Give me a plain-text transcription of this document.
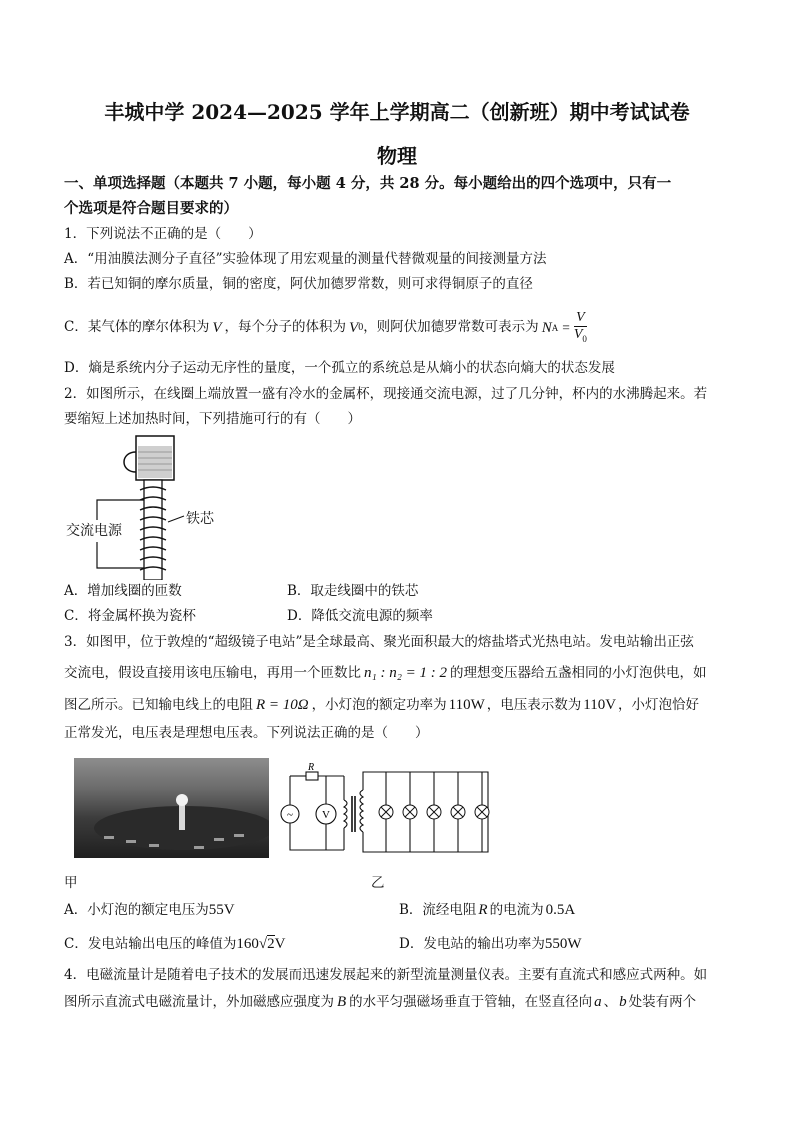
丰城中学 2024—2025 学年上学期高二（创新班）期中考试试卷
物理
一、单项选择题（本题共 7 小题，每小题 4 分，共 28 分。每小题给出的四个选项中，只有一
个选项是符合题目要求的）
1．下列说法不正确的是（　　）
A．“用油膜法测分子直径”实验体现了用宏观量的测量代替微观量的间接测量方法
B．若已知铜的摩尔质量，铜的密度，阿伏加德罗常数，则可求得铜原子的直径
C．某气体的摩尔体积为 V ，每个分子的体积为 V 0 ，则阿伏加德罗常数可表示为 N $A = \frac{V}{V_0}$
D．熵是系统内分子运动无序性的量度，一个孤立的系统总是从熵小的状态向熵大的状态发展
2．如图所示，在线圈上端放置一盛有冷水的金属杯，现接通交流电源，过了几分钟，杯内的水沸腾起来。若
要缩短上述加热时间，下列措施可行的有（　　）
交流电源
铁芯
A．增加线圈的匝数	B．取走线圈中的铁芯
C．将金属杯换为瓷杯	D．降低交流电源的频率
3．如图甲，位于敦煌的“超级镜子电站”是全球最高、聚光面积最大的熔盐塔式光热电站。发电站输出正弦
交流电，假设直接用该电压输电，再用一个匝数比 n₁ : n₂ = 1 : 2 的理想变压器给五盏相同的小灯泡供电，如
图乙所示。已知输电线上的电阻 R = 10Ω ，小灯泡的额定功率为 110W ，电压表示数为 110V ，小灯泡恰好
正常发光，电压表是理想电压表。下列说法正确的是（　　）
甲
~	V
R
乙
A．小灯泡的额定电压为55V	B．流经电阻 R 的电流为 0.5A
C．发电站输出电压的峰值为160√2V	D．发电站的输出功率为550W
4．电磁流量计是随着电子技术的发展而迅速发展起来的新型流量测量仪表。主要有直流式和感应式两种。如
图所示直流式电磁流量计，外加磁感应强度为 B 的水平匀强磁场垂直于管轴，在竖直径向 a 、 b 处装有两个
